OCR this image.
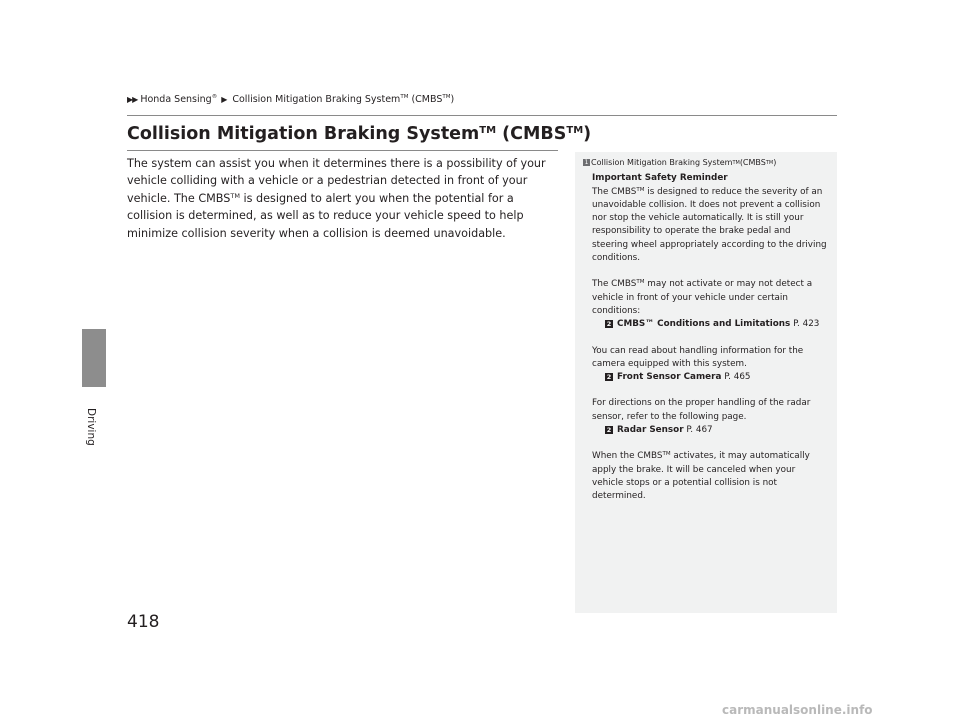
▶▶ Honda Sensing® ▶ Collision Mitigation Braking System™ (CMBS™)
Collision Mitigation Braking System™ (CMBS™)
The system can assist you when it determines there is a possibility of your vehicle colliding with a vehicle or a pedestrian detected in front of your vehicle. The CMBS™ is designed to alert you when the potential for a collision is determined, as well as to reduce your vehicle speed to help minimize collision severity when a collision is deemed unavoidable.
Driving
1 Collision Mitigation Braking System TM (CMBS TM )

Important Safety Reminder

The CMBS™ is designed to reduce the severity of an unavoidable collision. It does not prevent a collision nor stop the vehicle automatically. It is still your responsibility to operate the brake pedal and steering wheel appropriately according to the driving conditions.

The CMBS™ may not activate or may not detect a vehicle in front of your vehicle under certain conditions:

2 CMBS™ Conditions and Limitations P. 423

You can read about handling information for the camera equipped with this system.

2 Front Sensor Camera P. 465

For directions on the proper handling of the radar sensor, refer to the following page.

2 Radar Sensor P. 467

When the CMBS™ activates, it may automatically apply the brake. It will be canceled when your vehicle stops or a potential collision is not determined.

418
carmanualsonline.info
